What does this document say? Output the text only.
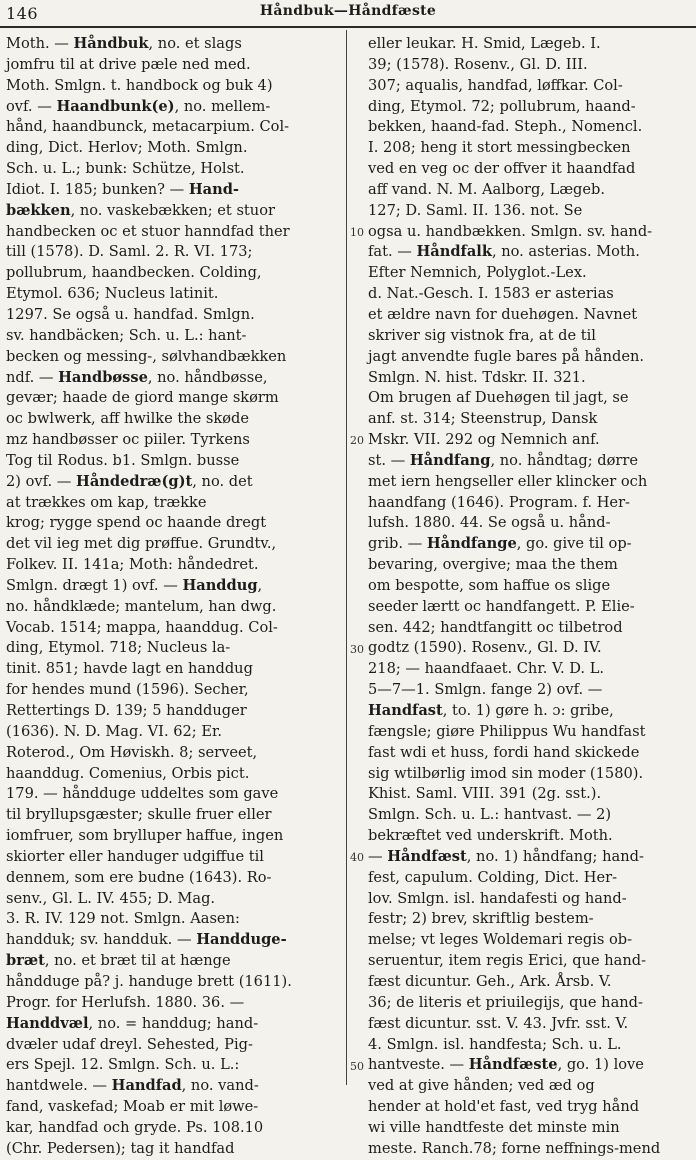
146	Håndbuk—Håndfæste
Moth. — Håndbuk, no. et slags
jomfru til at drive pæle ned med.
Moth. Smlgn. t. handbock og buk 4)
ovf. — Haandbunk(e), no. mellem-
hånd, haandbunck, metacarpium. Col-
ding, Dict. Herlov; Moth. Smlgn.
Sch. u. L.; bunk: Schütze, Holst.
Idiot. I. 185; bunken? — Hand-
bækken, no. vaskebækken; et stuor
handbecken oc et stuor hanndfad ther
till (1578). D. Saml. 2. R. VI. 173;
pollubrum, haandbecken. Colding,
Etymol. 636; Nucleus latinit.
1297. Se også u. handfad. Smlgn.
sv. handbäcken; Sch. u. L.: hant-
becken og messing-, sølvhandbækken
ndf. — Handbøsse, no. håndbøsse,
gevær; haade de giord mange skørm
oc bwlwerk, aff hwilke the skøde
mz handbøsser oc piiler. Tyrkens
Tog til Rodus. b1. Smlgn. busse
2) ovf. — Håndedræ(g)t, no. det
at trækkes om kap, trække
krog; rygge spend oc haande dregt
det vil ieg met dig prøffue. Grundtv.,
Folkev. II. 141a; Moth: håndedret.
Smlgn. drægt 1) ovf. — Handdug,
no. håndklæde; mantelum, han dwg.
Vocab. 1514; mappa, haanddug. Col-
ding, Etymol. 718; Nucleus la-
tinit. 851; havde lagt en handdug
for hendes mund (1596). Secher,
Rettertings D. 139; 5 handduger
(1636). N. D. Mag. VI. 62; Er.
Roterod., Om Høviskh. 8; serveet,
haanddug. Comenius, Orbis pict.
179. — hånddugе uddeltes som gave
til bryllupsgæster; skulle fruer eller
iomfruer, som brylluper haffue, ingen
skiorter eller handuger udgiffue til
dennem, som ere budne (1643). Ro-
senv., Gl. L. IV. 455; D. Mag.
3. R. IV. 129 not. Smlgn. Aasen:
handduk; sv. handduk. — Handduge-
bræt, no. et bræt til at hænge
hånddugе på? j. handuge brett (1611).
Progr. for Herlufsh. 1880. 36. —
Handdvæl, no. = handdug; hand-
dvæler udaf dreyl. Sehested, Pig-
ers Spejl. 12. Smlgn. Sch. u. L.:
hantdwele. — Handfad, no. vand-
fand, vaskefad; Moab er mit løwe-
kar, handfad och gryde. Ps. 108.10
(Chr. Pedersen); tag it handfad
eller leukar. H. Smid, Lægeb. I.
39; (1578). Rosenv., Gl. D. III.
307; aqualis, handfad, løffkar. Col-
ding, Etymol. 72; pollubrum, haand-
bekken, haand-fad. Steph., Nomencl.
I. 208; heng it stort messingbecken
ved en veg oc der offver it haandfad
aff vand. N. M. Aalborg, Lægeb.
127; D. Saml. II. 136. not. Se
ogsa u. handbækken. Smlgn. sv. hand-
fat. — Håndfalk, no. asterias. Moth.
Efter Nemnich, Polyglot.-Lex.
d. Nat.-Gesch. I. 1583 er asterias
et ældre navn for duehøgen. Navnet
skriver sig vistnok fra, at de til
jagt anvendte fugle bares på hånden.
Smlgn. N. hist. Tdskr. II. 321.
Om brugen af Duehøgen til jagt, se
anf. st. 314; Steenstrup, Dansk
Mskr. VII. 292 og Nemnich anf.
st. — Håndfang, no. håndtag; dørre
met iern hengseller eller klincker och
haandfang (1646). Program. f. Her-
lufsh. 1880. 44. Se også u. hånd-
grib. — Håndfange, go. give til op-
bevaring, overgive; maa the them
om bespotte, som haffue os slige
seeder lærtt oc handfangett. P. Elie-
sen. 442; handtfangitt oc tilbetrod
godtz (1590). Rosenv., Gl. D. IV.
218; — haandfaaet. Chr. V. D. L.
5—7—1. Smlgn. fange 2) ovf. —
Handfast, to. 1) gøre h. ɔ: gribe,
fængsle; giøre Philippus Wu handfast
fast wdi et huss, fordi hand skickede
sig wtilbørlig imod sin moder (1580).
Khist. Saml. VIII. 391 (2g. sst.).
Smlgn. Sch. u. L.: hantvast. — 2)
bekræftet ved underskrift. Moth.
— Håndfæst, no. 1) håndfang; hand-
fest, capulum. Colding, Dict. Her-
lov. Smlgn. isl. handafesti og hand-
festr; 2) brev, skriftlig bestem-
melse; vt leges Woldemari regis ob-
seruentur, item regis Erici, que hand-
fæst dicuntur. Geh., Ark. Årsb. V.
36; de literis et priuilegijs, que hand-
fæst dicuntur. sst. V. 43. Jvfr. sst. V.
4. Smlgn. isl. handfesta; Sch. u. L.
hantveste. — Håndfæste, go. 1) love
ved at give hånden; ved æd og
hender at hold'et fast, ved tryg hånd
wi ville handtfeste det minste min
meste. Ranch.78; forne neffnings-mend
10
20
30
40
50
